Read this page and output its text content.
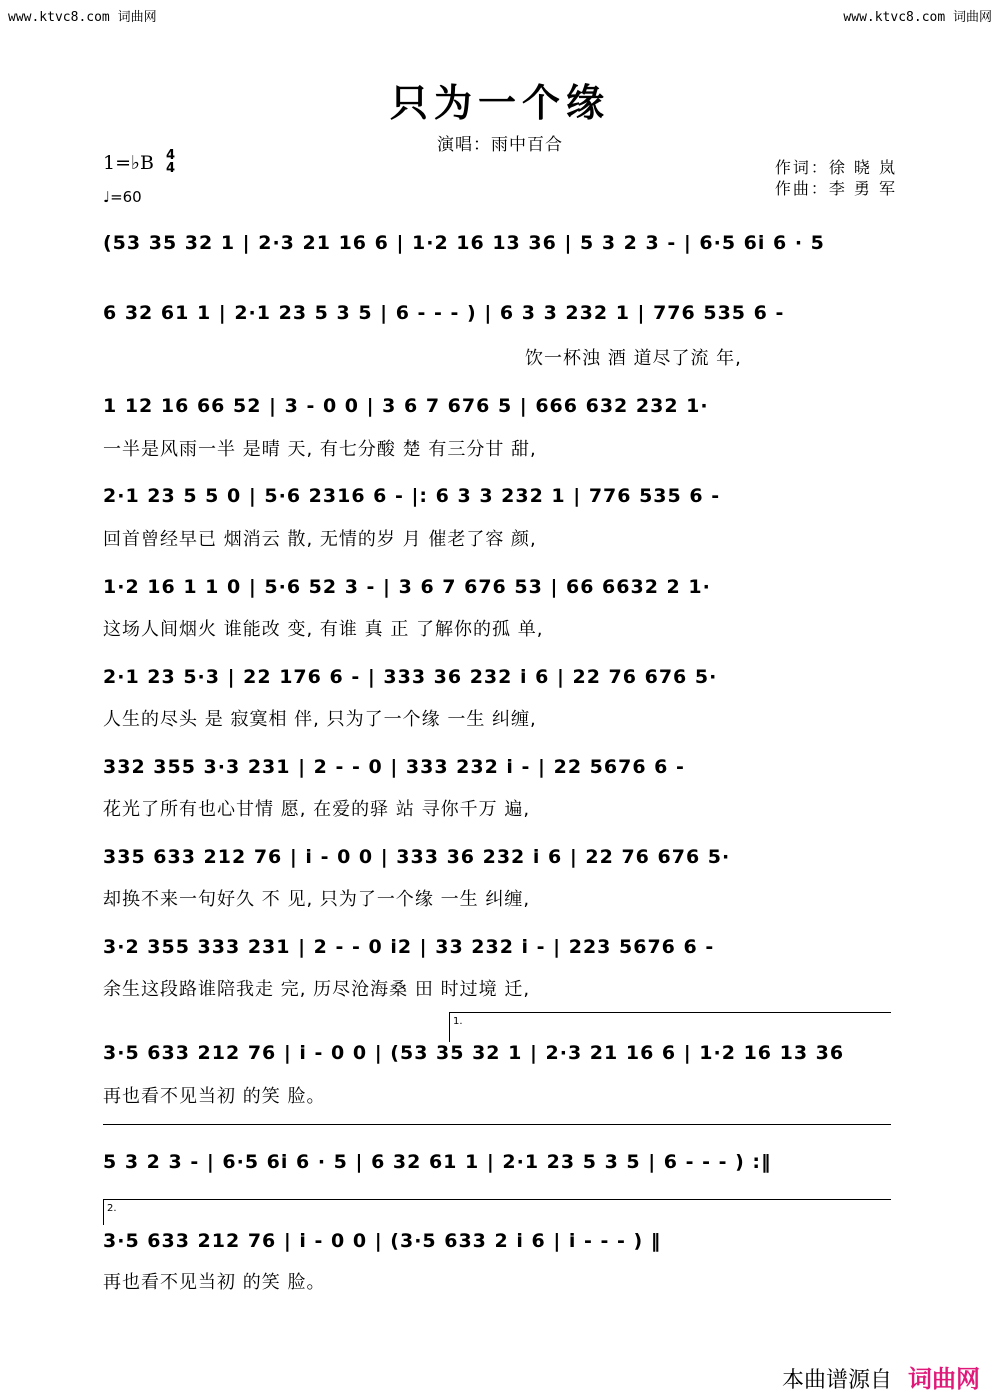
www.ktvc8.com 词曲网	www.ktvc8.com 词曲网
只为一个缘
演唱：雨中百合
作词：徐 晓 岚
作曲：李 勇 军
1=♭B 4
4
♩=60
(53 35 32 1 | 2·3 21 16 6 | 1·2 16 13 36 | 5 3 2 3 - | 6·5 6i 6 · 5
6 32 61 1 | 2·1 23 5 3 5 | 6 - - - ) | 6 3 3 232 1 | 776 535 6 -
饮一杯浊 酒 道尽了流 年,
1 12 16 66 52 | 3 - 0 0 | 3 6 7 676 5 | 666 632 232 1·
一半是风雨一半 是晴 天, 有七分酸 楚 有三分甘 甜,
2·1 23 5 5 0 | 5·6 2316 6 - |: 6 3 3 232 1 | 776 535 6 -
回首曾经早已 烟消云 散, 无情的岁 月 催老了容 颜,
1·2 16 1 1 0 | 5·6 52 3 - | 3 6 7 676 53 | 66 6632 2 1·
这场人间烟火 谁能改 变, 有谁 真 正 了解你的孤 单,
2·1 23 5·3 | 22 176 6 - | 333 36 232 i 6 | 22 76 676 5·
人生的尽头 是 寂寞相 伴, 只为了一个缘 一生 纠缠,
332 355 3·3 231 | 2 - - 0 | 333 232 i - | 22 5676 6 -
花光了所有也心甘情 愿, 在爱的驿 站 寻你千万 遍,
335 633 212 76 | i - 0 0 | 333 36 232 i 6 | 22 76 676 5·
却换不来一句好久 不 见, 只为了一个缘 一生 纠缠,
3·2 355 333 231 | 2 - - 0 i2 | 33 232 i - | 223 5676 6 -
余生这段路谁陪我走 完, 历尽沧海桑 田 时过境 迁,
1.
3·5 633 212 76 | i - 0 0 | (53 35 32 1 | 2·3 21 16 6 | 1·2 16 13 36
再也看不见当初 的笑 脸。
5 3 2 3 - | 6·5 6i 6 · 5 | 6 32 61 1 | 2·1 23 5 3 5 | 6 - - - ) :‖
2.
3·5 633 212 76 | i - 0 0 | (3·5 633 2 i 6 | i - - - ) ‖
再也看不见当初 的笑 脸。
本曲谱源自 词曲网
